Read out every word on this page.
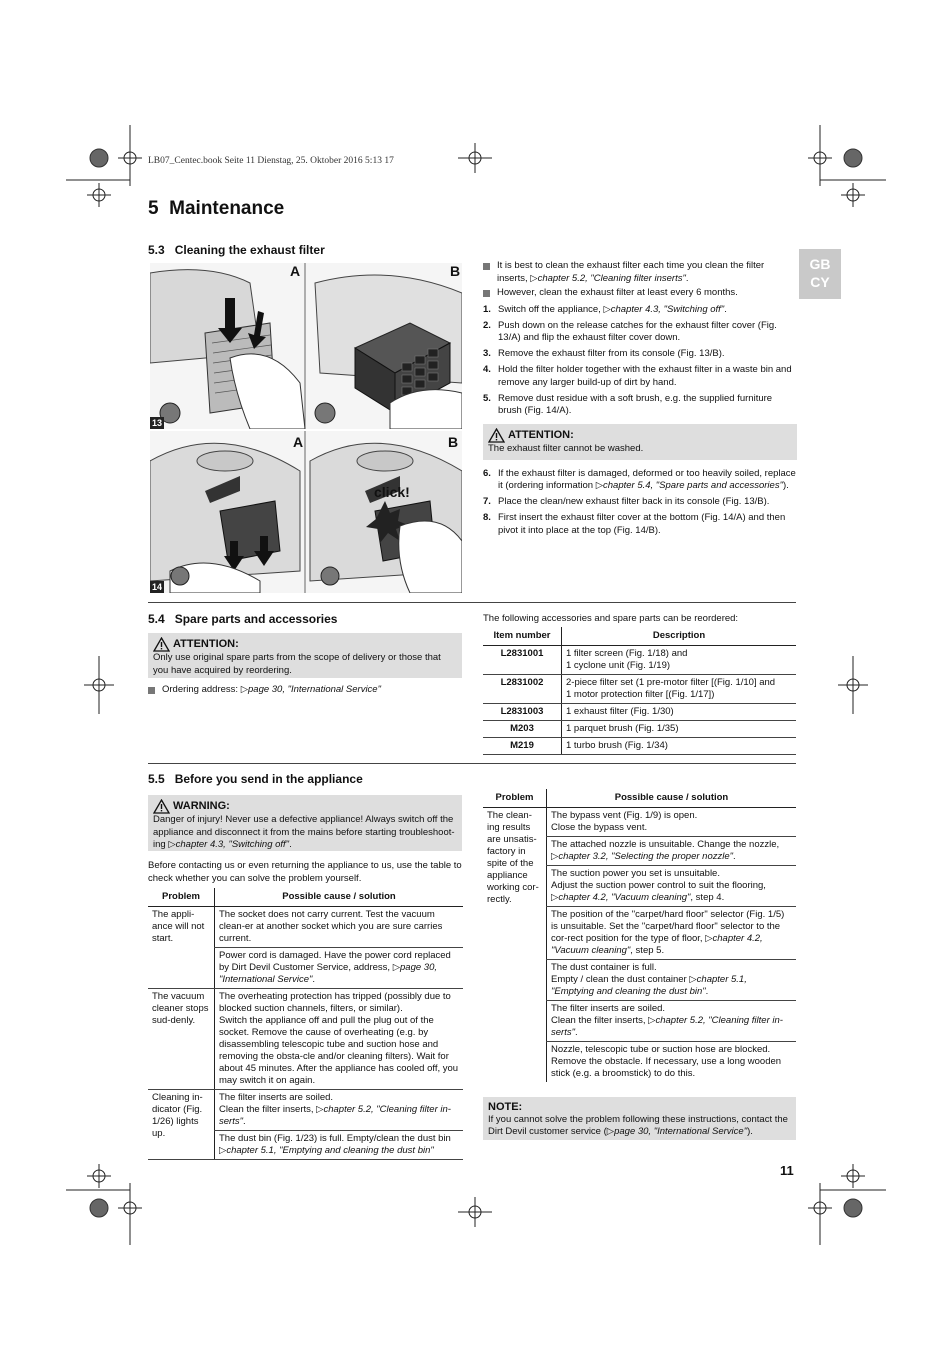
LB07_Centec.book Seite 11 Dienstag, 25. Oktober 2016 5:13 17
5 Maintenance
GB
CY
5.3 Cleaning the exhaust filter
A	B
13
A	B
click!
14
It is best to clean the exhaust filter each time you clean the filter inserts, ▷chapter 5.2, "Cleaning filter inserts".
However, clean the exhaust filter at least every 6 months.
1. Switch off the appliance, ▷chapter 4.3, "Switching off".
2. Push down on the release catches for the exhaust filter cover (Fig. 13/A) and flip the exhaust filter cover down.
3. Remove the exhaust filter from its console (Fig. 13/B).
4. Hold the filter holder together with the exhaust filter in a waste bin and remove any larger build-up of dirt by hand.
5. Remove dust residue with a soft brush, e.g. the supplied furniture brush (Fig. 14/A).
ATTENTION:
The exhaust filter cannot be washed.
6. If the exhaust filter is damaged, deformed or too heavily soiled, replace it (ordering information ▷chapter 5.4, "Spare parts and accessories").
7. Place the clean/new exhaust filter back in its console (Fig. 13/B).
8. First insert the exhaust filter cover at the bottom (Fig. 14/A) and then pivot it into place at the top (Fig. 14/B).
5.4 Spare parts and accessories
ATTENTION:
Only use original spare parts from the scope of delivery or those that you have acquired by reordering.
Ordering address: ▷page 30, "International Service"
The following accessories and spare parts can be reordered:
Item number	Description
L2831001	1 filter screen (Fig. 1/18) and
1 cyclone unit (Fig. 1/19)
L2831002	2-piece filter set (1 pre-motor filter [(Fig. 1/10] and
1 motor protection filter [(Fig. 1/17])
L2831003	1 exhaust filter (Fig. 1/30)
M203	1 parquet brush (Fig. 1/35)
M219	1 turbo brush (Fig. 1/34)
5.5 Before you send in the appliance
WARNING:
Danger of injury! Never use a defective appliance! Always switch off the appliance and disconnect it from the mains before starting troubleshoot-ing ▷chapter 4.3, "Switching off".
Before contacting us or even returning the appliance to us, use the table to check whether you can solve the problem yourself.
Problem	Possible cause / solution
The appli-ance will not start.	The socket does not carry current. Test the vacuum clean-er at another socket which you are sure carries current.
	Power cord is damaged. Have the power cord replaced by Dirt Devil Customer Service, address, ▷page 30, "International Service".
The vacuum cleaner stops sud-denly.	The overheating protection has tripped (possibly due to blocked suction channels, filters, or similar).
Switch the appliance off and pull the plug out of the socket. Remove the cause of overheating (e.g. by disassembling telescopic tube and suction hose and removing the obsta-cle and/or cleaning filters). Wait for about 45 minutes. After the appliance has cooled off, you may switch it on again.
Cleaning in-dicator (Fig. 1/26) lights up.	The filter inserts are soiled.
Clean the filter inserts, ▷chapter 5.2, "Cleaning filter in-serts".
	The dust bin (Fig. 1/23) is full. Empty/clean the dust bin ▷chapter 5.1, "Emptying and cleaning the dust bin"
Problem	Possible cause / solution
The clean-ing results are unsatis-factory in spite of the appliance working cor-rectly.	The bypass vent (Fig. 1/9) is open.
Close the bypass vent.
	The attached nozzle is unsuitable. Change the nozzle, ▷chapter 3.2, "Selecting the proper nozzle".
	The suction power you set is unsuitable.
Adjust the suction power control to suit the flooring, ▷chapter 4.2, "Vacuum cleaning", step 4.
	The position of the "carpet/hard floor" selector (Fig. 1/5) is unsuitable. Set the "carpet/hard floor" selector to the cor-rect position for the type of floor, ▷chapter 4.2, "Vacuum cleaning", step 5.
	The dust container is full.
Empty / clean the dust container ▷chapter 5.1, "Emptying and cleaning the dust bin".
	The filter inserts are soiled.
Clean the filter inserts, ▷chapter 5.2, "Cleaning filter in-serts".
	Nozzle, telescopic tube or suction hose are blocked.
Remove the obstacle. If necessary, use a long wooden stick (e.g. a broomstick) to do this.
NOTE:
If you cannot solve the problem following these instructions, contact the Dirt Devil customer service (▷page 30, "International Service").
11
